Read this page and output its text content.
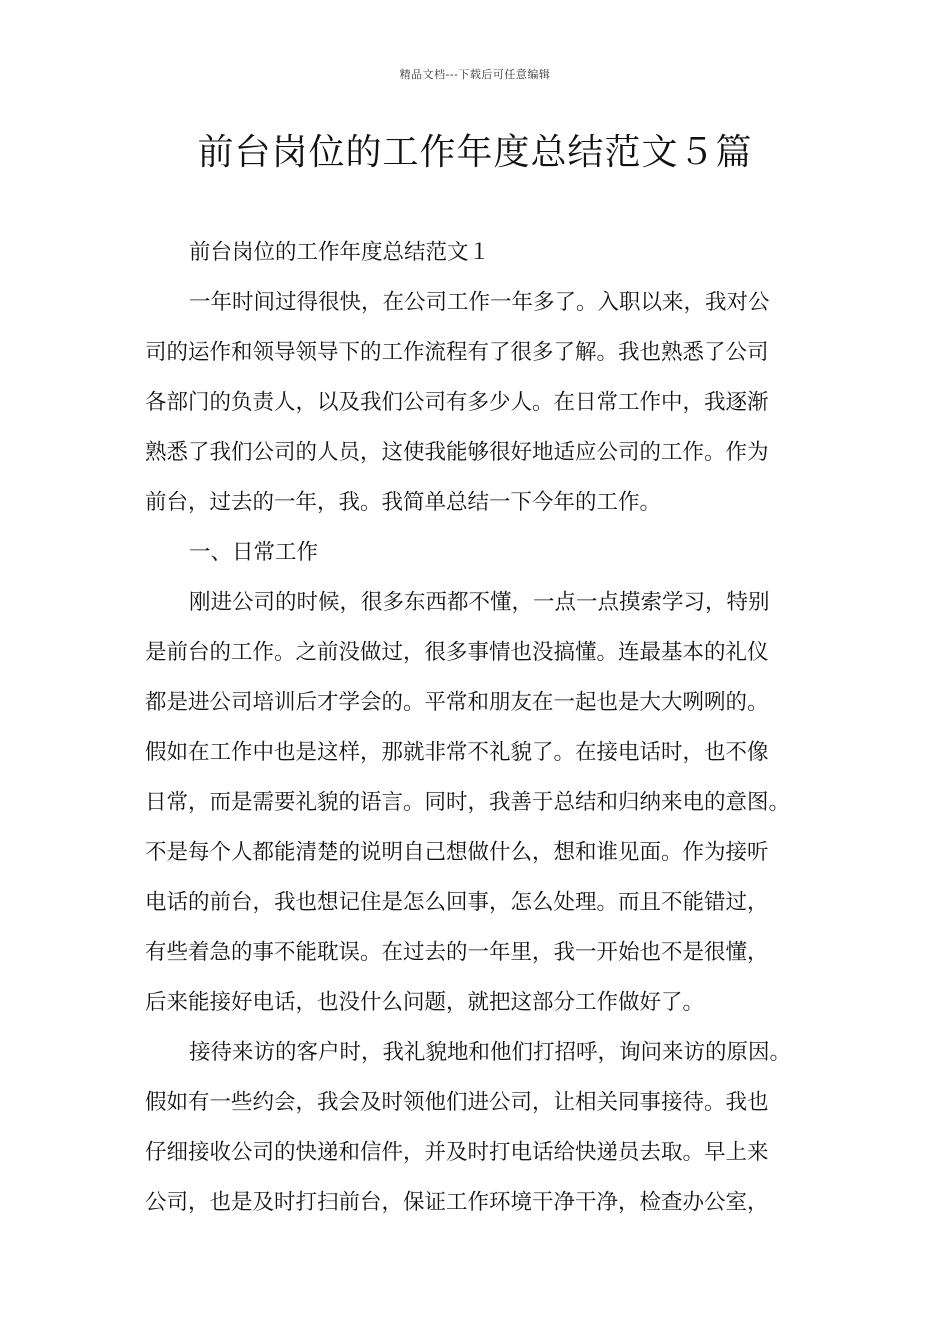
精品文档---下载后可任意编辑
前台岗位的工作年度总结范文５篇
前台岗位的工作年度总结范文１
一年时间过得很快，在公司工作一年多了。入职以来，我对公
司的运作和领导领导下的工作流程有了很多了解。我也熟悉了公司
各部门的负责人，以及我们公司有多少人。在日常工作中，我逐渐
熟悉了我们公司的人员，这使我能够很好地适应公司的工作。作为
前台，过去的一年，我。我简单总结一下今年的工作。
一、日常工作
刚进公司的时候，很多东西都不懂，一点一点摸索学习，特别
是前台的工作。之前没做过，很多事情也没搞懂。连最基本的礼仪
都是进公司培训后才学会的。平常和朋友在一起也是大大咧咧的。
假如在工作中也是这样，那就非常不礼貌了。在接电话时，也不像
日常，而是需要礼貌的语言。同时，我善于总结和归纳来电的意图。
不是每个人都能清楚的说明自己想做什么，想和谁见面。作为接听
电话的前台，我也想记住是怎么回事，怎么处理。而且不能错过，
有些着急的事不能耽误。在过去的一年里，我一开始也不是很懂，
后来能接好电话，也没什么问题，就把这部分工作做好了。
接待来访的客户时，我礼貌地和他们打招呼，询问来访的原因。
假如有一些约会，我会及时领他们进公司，让相关同事接待。我也
仔细接收公司的快递和信件，并及时打电话给快递员去取。早上来
公司，也是及时打扫前台，保证工作环境干净干净，检查办公室，
